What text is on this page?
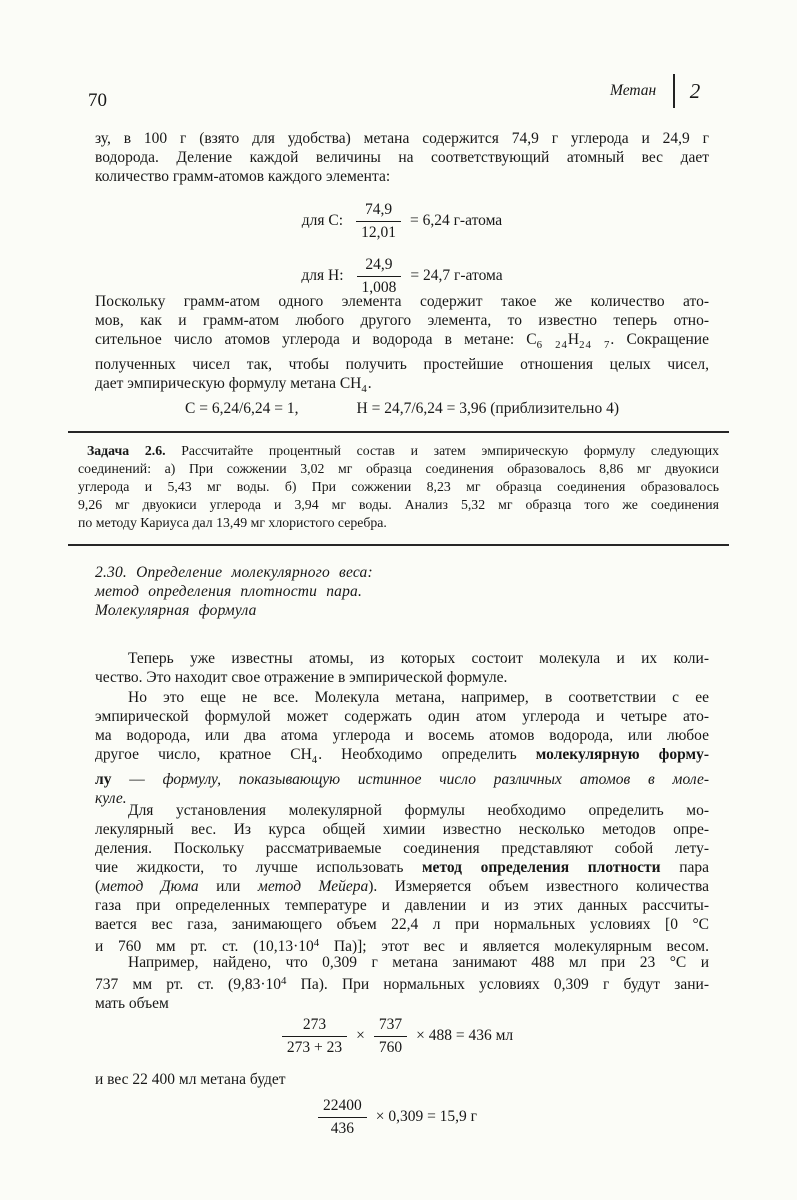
70	Метан 2
зу, в 100 г (взято для удобства) метана содержится 74,9 г углерода и 24,9 г
водорода. Деление каждой величины на соответствующий атомный вес дает
количество грамм-атомов каждого элемента:
для C: $\frac{74,9}{12,01} = 6,24$ г-атома
для H: $\frac{24,9}{1,008} = 24,7$ г-атома
Поскольку грамм-атом одного элемента содержит такое же количество ато-
мов, как и грамм-атом любого другого элемента, то известно теперь отно-
сительное число атомов углерода и водорода в метане: $C_{6 24}H_{24 7}$. Сокращение
полученных чисел так, чтобы получить простейшие отношения целых чисел,
дает эмпирическую формулу метана $CH_4$.
C = 6,24/6,24 = 1,	H = 24,7/6,24 = 3,96 (приблизительно 4)
Задача 2.6. Рассчитайте процентный состав и затем эмпирическую формулу следующих
соединений: а) При сожжении 3,02 мг образца соединения образовалось 8,86 мг двуокиси
углерода и 5,43 мг воды. б) При сожжении 8,23 мг образца соединения образовалось
9,26 мг двуокиси углерода и 3,94 мг воды. Анализ 5,32 мг образца того же соединения
по методу Кариуса дал 13,49 мг хлористого серебра.
2.30. Определение молекулярного веса:
метод определения плотности пара.
Молекулярная формула
Теперь уже известны атомы, из которых состоит молекула и их коли-
чество. Это находит свое отражение в эмпирической формуле.
Но это еще не все. Молекула метана, например, в соответствии с ее
эмпирической формулой может содержать один атом углерода и четыре ато-
ма водорода, или два атома углерода и восемь атомов водорода, или любое
другое число, кратное $CH_4$. Необходимо определить молекулярную форму-
лу — формулу, показывающую истинное число различных атомов в моле-
куле.
Для установления молекулярной формулы необходимо определить мо-
лекулярный вес. Из курса общей химии известно несколько методов опре-
деления. Поскольку рассматриваемые соединения представляют собой лету-
чие жидкости, то лучше использовать метод определения плотности пара
(метод Дюма или метод Мейера). Измеряется объем известного количества
газа при определенных температуре и давлении и из этих данных рассчиты-
вается вес газа, занимающего объем 22,4 л при нормальных условиях [0 °C
и 760 мм рт. ст. ($10,13\cdot 10^4$ Па)]; этот вес и является молекулярным весом.
Например, найдено, что 0,309 г метана занимают 488 мл при 23 °C и
737 мм рт. ст. ($9,83\cdot 10^4$ Па). При нормальных условиях 0,309 г будут зани-
мать объем
$\frac{273}{273 + 23} \times \frac{737}{760} \times 488 = 436$ мл
и вес 22 400 мл метана будет
$\frac{22400}{436} \times 0,309 = 15,9$ г
